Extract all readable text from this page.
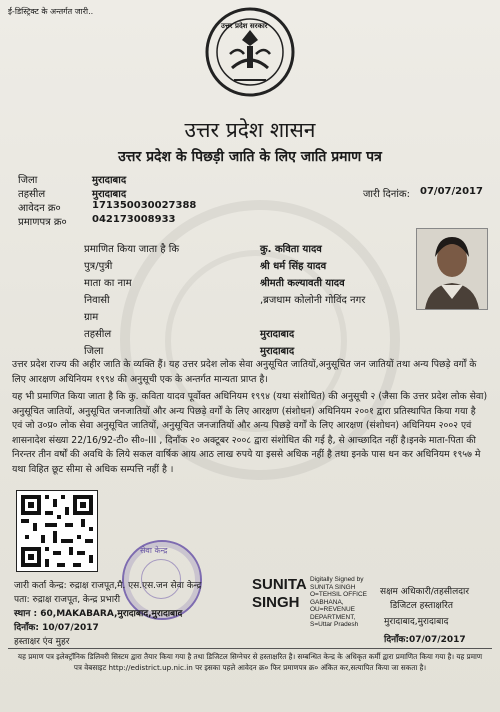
ई-डिस्ट्रिक्ट के अन्तर्गत जारी..
उत्तर प्रदेश सरकार
उत्तर प्रदेश शासन
उत्तर प्रदेश के पिछड़ी जाति के लिए जाति प्रमाण पत्र
जिला	मुरादाबाद
तहसील	मुरादाबाद
आवेदन क्र०	171350030027388
प्रमाणपत्र क्र०	042173008933
जारी दिनांक: 07/07/2017
प्रमाणित किया जाता है कि	कु. कविता यादव
पुत्र/पुत्री	श्री धर्म सिंह यादव
माता का नाम	श्रीमती कल्यावती यादव
निवासी	,ब्रजधाम कोलोनी गोविंद नगर
ग्राम
तहसील	मुरादाबाद
जिला	मुरादाबाद
उत्तर प्रदेश राज्य की अहीर जाति के व्यक्ति हैं। यह उत्तर प्रदेश लोक सेवा अनुसूचित जातियों,अनुसूचित जन जातियों तथा अन्य पिछड़े वर्गों के लिए आरक्षण अधिनियम १९९४ की अनुसूची एक के अन्तर्गत मान्यता प्राप्त है।
यह भी प्रमाणित किया जाता है कि कु. कविता यादव पूर्वोक्त अधिनियम १९९४ (यथा संशोधित) की अनुसूची २ (जैसा कि उत्तर प्रदेश लोक सेवा) अनुसूचित जातियों, अनुसूचित जनजातियों और अन्य पिछड़े वर्गों के लिए आरक्षण (संशोधन) अधिनियम २००१ द्वारा प्रतिस्थापित किया गया है एवं जो उ०प्र० लोक सेवा अनुसूचित जातियों, अनुसूचित जनजातियों और अन्य पिछड़े वर्गों के लिए आरक्षण (संशोधन) अधिनियम २००२ एवं शासनादेश संख्या 22/16/92-टी० सी०-III , दिनाँक २० अक्टूबर २००८ द्वारा संशोधित की गई है, से आच्छादित नहीं है।इनके माता-पिता की निरन्तर तीन वर्षों की अवधि के लिये सकल वार्षिक आय आठ लाख रुपये या इससे अधिक नहीं है तथा इनके पास धन कर अधिनियम १९५७ मे यथा विहित छूट सीमा से अधिक सम्पत्ति नहीं है ।
सेवा केन्द्र
जारी कर्ता केन्द्र: रुद्राक्ष राजपूत,मै. एस.एस.जन सेवा केन्द्र
पता: रुद्राक्ष राजपूत, केन्द्र प्रभारी
स्थान : 60,MAKABARA,मुरादाबाद,मुरादाबाद
दिनाँक: 10/07/2017
हस्ताक्षर एंव मुहर
SUNITA
SINGH
Digitally Signed by
SUNITA SINGH
O=TEHSIL OFFICE
GABHANA,
OU=REVENUE
DEPARTMENT,
S=Uttar Pradesh
सक्षम अधिकारी/तहसीलदार
डिजिटल हस्ताक्षरित
मुरादाबाद,मुरादाबाद
दिनाँक:07/07/2017
यह प्रमाण पत्र इलेक्ट्रॉनिक डिलिवरी सिस्टम द्वारा तैयार किया गया है तथा डिजिटल सिग्नेचर से हस्ताक्षरित है। सम्बन्धित केन्द्र के अधिकृत कर्मी द्वारा प्रमाणित किया गया है। यह प्रमाण पत्र वेबसाइट http://edistrict.up.nic.in पर इसका पहले आवेदन क्र० फिर प्रमाणपत्र क्र० अंकित कर,सत्यापित किया जा सकता है।
